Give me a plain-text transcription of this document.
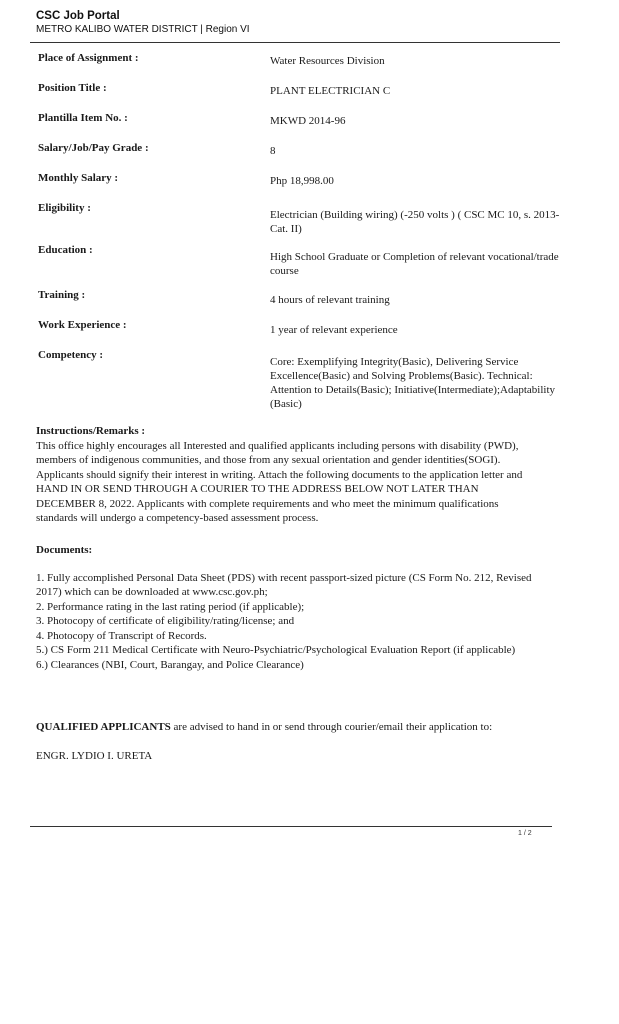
CSC Job Portal
METRO KALIBO WATER DISTRICT | Region VI
Place of Assignment :	Water Resources Division
Position Title :	PLANT ELECTRICIAN C
Plantilla Item No. :	MKWD 2014-96
Salary/Job/Pay Grade :	8
Monthly Salary :	Php 18,998.00
Eligibility :
Electrician (Building wiring) (-250 volts ) ( CSC MC 10, s. 2013- Cat. II)
Education :
High School Graduate or Completion of relevant vocational/trade course
Training :	4 hours of relevant training
Work Experience :	1 year of relevant experience
Competency :
Core: Exemplifying Integrity(Basic), Delivering Service Excellence(Basic) and Solving Problems(Basic). Technical: Attention to Details(Basic); Initiative(Intermediate);Adaptability (Basic)
Instructions/Remarks :
This office highly encourages all Interested and qualified applicants including persons with disability (PWD), members of indigenous communities, and those from any sexual orientation and gender identities(SOGI). Applicants should signify their interest in writing. Attach the following documents to the application letter and HAND IN OR SEND THROUGH A COURIER TO THE ADDRESS BELOW NOT LATER THAN DECEMBER 8, 2022. Applicants with complete requirements and who meet the minimum qualifications standards will undergo a competency-based assessment process.
Documents:
1. Fully accomplished Personal Data Sheet (PDS) with recent passport-sized picture (CS Form No. 212, Revised 2017) which can be downloaded at www.csc.gov.ph;
2. Performance rating in the last rating period (if applicable);
3. Photocopy of certificate of eligibility/rating/license; and
4. Photocopy of Transcript of Records.
5.) CS Form 211 Medical Certificate with Neuro-Psychiatric/Psychological Evaluation Report (if applicable)
6.) Clearances (NBI, Court, Barangay, and Police Clearance)
QUALIFIED APPLICANTS are advised to hand in or send through courier/email their application to:
ENGR. LYDIO I. URETA
1 / 2
